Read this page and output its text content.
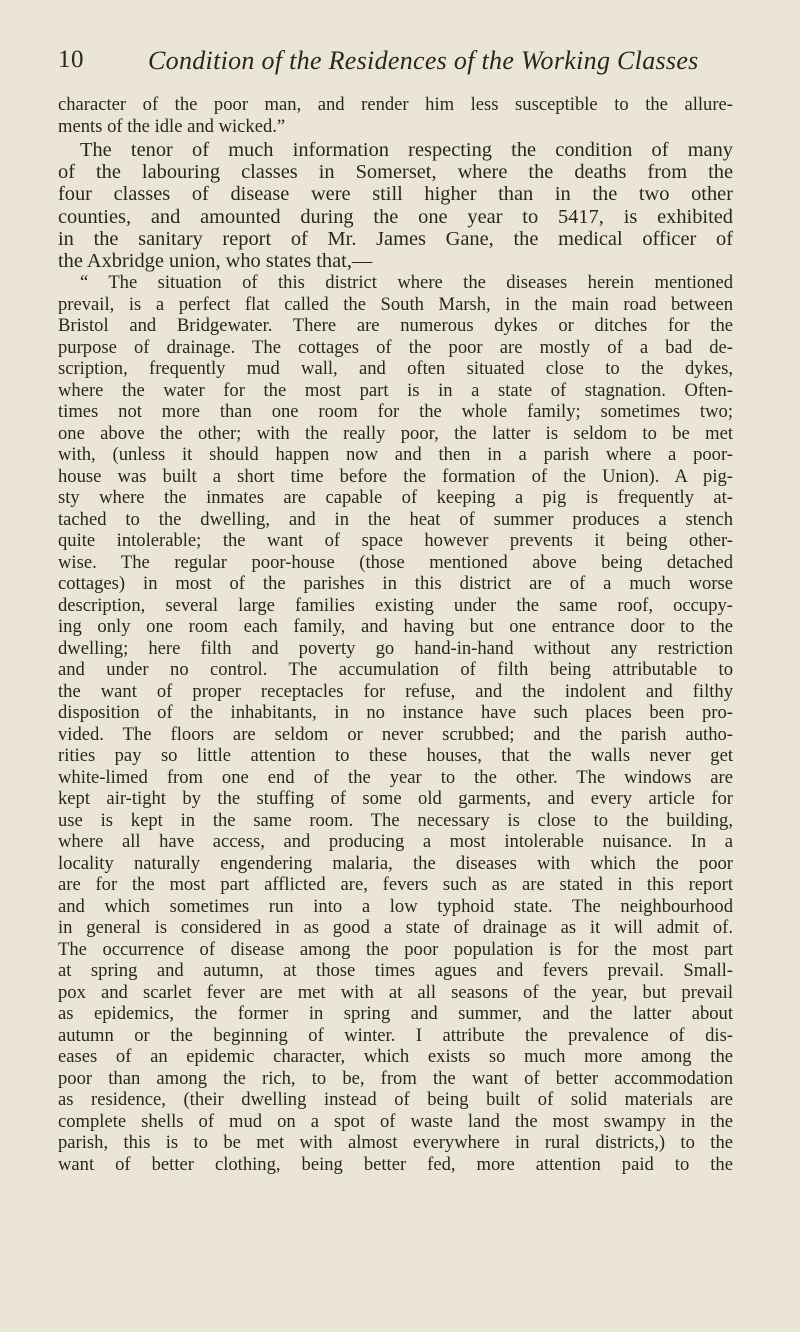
10 Condition of the Residences of the Working Classes
character of the poor man, and render him less susceptible to the allure-
ments of the idle and wicked.”
The tenor of much information respecting the condition of many
of the labouring classes in Somerset, where the deaths from the
four classes of disease were still higher than in the two other
counties, and amounted during the one year to 5417, is exhibited
in the sanitary report of Mr. James Gane, the medical officer of
the Axbridge union, who states that,—
“ The situation of this district where the diseases herein mentioned
prevail, is a perfect flat called the South Marsh, in the main road between
Bristol and Bridgewater. There are numerous dykes or ditches for the
purpose of drainage. The cottages of the poor are mostly of a bad de-
scription, frequently mud wall, and often situated close to the dykes,
where the water for the most part is in a state of stagnation. Often-
times not more than one room for the whole family; sometimes two;
one above the other; with the really poor, the latter is seldom to be met
with, (unless it should happen now and then in a parish where a poor-
house was built a short time before the formation of the Union). A pig-
sty where the inmates are capable of keeping a pig is frequently at-
tached to the dwelling, and in the heat of summer produces a stench
quite intolerable; the want of space however prevents it being other-
wise. The regular poor-house (those mentioned above being detached
cottages) in most of the parishes in this district are of a much worse
description, several large families existing under the same roof, occupy-
ing only one room each family, and having but one entrance door to the
dwelling; here filth and poverty go hand-in-hand without any restriction
and under no control. The accumulation of filth being attributable to
the want of proper receptacles for refuse, and the indolent and filthy
disposition of the inhabitants, in no instance have such places been pro-
vided. The floors are seldom or never scrubbed; and the parish autho-
rities pay so little attention to these houses, that the walls never get
white-limed from one end of the year to the other. The windows are
kept air-tight by the stuffing of some old garments, and every article for
use is kept in the same room. The necessary is close to the building,
where all have access, and producing a most intolerable nuisance. In a
locality naturally engendering malaria, the diseases with which the poor
are for the most part afflicted are, fevers such as are stated in this report
and which sometimes run into a low typhoid state. The neighbourhood
in general is considered in as good a state of drainage as it will admit of.
The occurrence of disease among the poor population is for the most part
at spring and autumn, at those times agues and fevers prevail. Small-
pox and scarlet fever are met with at all seasons of the year, but prevail
as epidemics, the former in spring and summer, and the latter about
autumn or the beginning of winter. I attribute the prevalence of dis-
eases of an epidemic character, which exists so much more among the
poor than among the rich, to be, from the want of better accommodation
as residence, (their dwelling instead of being built of solid materials are
complete shells of mud on a spot of waste land the most swampy in the
parish, this is to be met with almost everywhere in rural districts,) to the
want of better clothing, being better fed, more attention paid to the
